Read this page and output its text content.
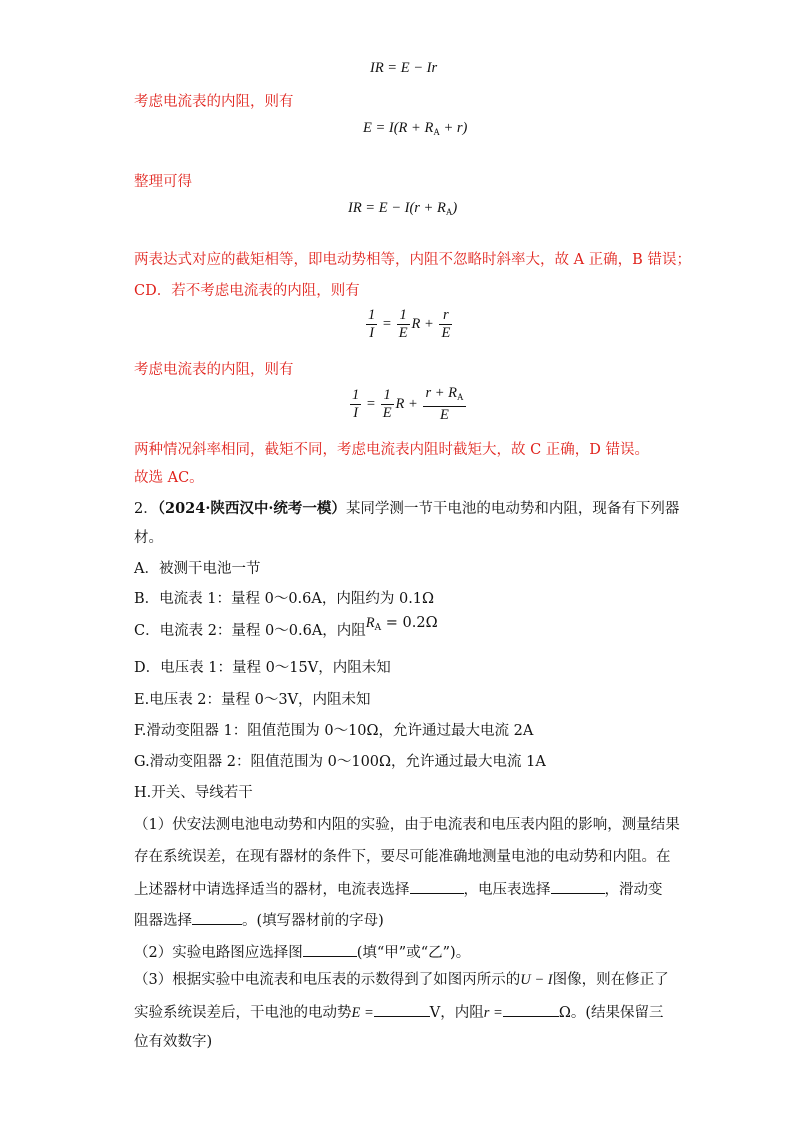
IR = E − Ir
考虑电流表的内阻，则有
$E = I(R + R_A + r)$
整理可得
IR = $E - I(r + R_A)$
两表达式对应的截矩相等，即电动势相等，内阻不忽略时斜率大，故 A 正确，B 错误；
CD．若不考虑电流表的内阻，则有
$\frac{1}{I} = \frac{1}{E}$ $R + \frac{r}{E}$
考虑电流表的内阻，则有
$\frac{1}{I} = \frac{1}{E}$ $R + \frac{r + R_A}{E}$
两种情况斜率相同，截矩不同，考虑电流表内阻时截矩大，故 C 正确，D 错误。
故选 AC。
2．（2024·陕西汉中·统考一模）某同学测一节干电池的电动势和内阻，现备有下列器
材。
A．被测干电池一节
B．电流表 1：量程 0～0.6A，内阻约为 0.1Ω
C．电流表 2：量程 0～0.6A，内阻$R_A = 0.2\Omega$
D．电压表 1：量程 0～15V，内阻未知
E.电压表 2：量程 0～3V，内阻未知
F.滑动变阻器 1：阻值范围为 0～10Ω，允许通过最大电流 2A
G.滑动变阻器 2：阻值范围为 0～100Ω，允许通过最大电流 1A
H.开关、导线若干
（1）伏安法测电池电动势和内阻的实验，由于电流表和电压表内阻的影响，测量结果
存在系统误差，在现有器材的条件下，要尽可能准确地测量电池的电动势和内阻。在
上述器材中请选择适当的器材，电流表选择	，电压表选择	，滑动变
阻器选择	。(填写器材前的字母)
（2）实验电路图应选择图	(填“甲”或“乙”)。
（3）根据实验中电流表和电压表的示数得到了如图丙所示的U − I图像，则在修正了
实验系统误差后，干电池的电动势E =	V，内阻r =	Ω。(结果保留三
位有效数字)
